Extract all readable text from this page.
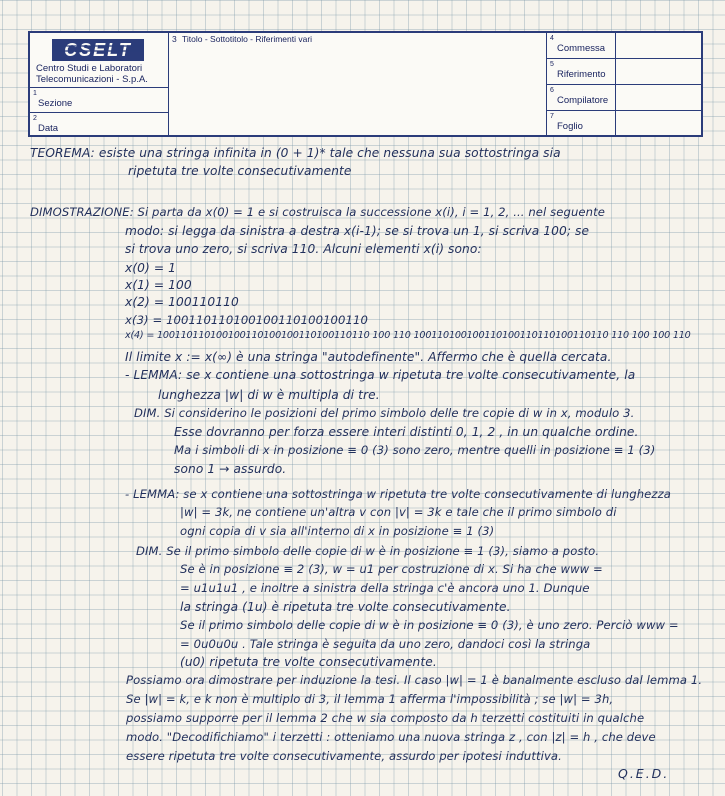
CSELT
Centro Studi e Laboratori
Telecomunicazioni - S.p.A.
1
Sezione
2
Data
3 Titolo - Sottotitolo - Riferimenti vari	4
Commessa
5
Riferimento
6
Compilatore
7
Foglio
TEOREMA: esiste una stringa infinita in (0 + 1)* tale che nessuna sua sottostringa sia
ripetuta tre volte consecutivamente
DIMOSTRAZIONE: Si parta da x(0) = 1 e si costruisca la successione x(i), i = 1, 2, ... nel seguente
modo: si legga da sinistra a destra x(i-1); se si trova un 1, si scriva 100; se
si trova uno zero, si scriva 110. Alcuni elementi x(i) sono:
x(0) = 1
x(1) = 100
x(2) = 100110110
x(3) = 100110110100100110100100110
x(4) = 100110110100100110100100110100110110 100 110 100110100100110100110110100110110 110 100 100 110
Il limite x := x(∞) è una stringa "autodefinente". Affermo che è quella cercata.
- LEMMA: se x contiene una sottostringa w ripetuta tre volte consecutivamente, la
lunghezza |w| di w è multipla di tre.
DIM. Si considerino le posizioni del primo simbolo delle tre copie di w in x, modulo 3.
Esse dovranno per forza essere interi distinti 0, 1, 2 , in un qualche ordine.
Ma i simboli di x in posizione ≡ 0 (3) sono zero, mentre quelli in posizione ≡ 1 (3)
sono 1 → assurdo.
- LEMMA: se x contiene una sottostringa w ripetuta tre volte consecutivamente di lunghezza
|w| = 3k, ne contiene un'altra v con |v| = 3k e tale che il primo simbolo di
ogni copia di v sia all'interno di x in posizione ≡ 1 (3)
DIM. Se il primo simbolo delle copie di w è in posizione ≡ 1 (3), siamo a posto.
Se è in posizione ≡ 2 (3), w = u1 per costruzione di x. Si ha che www =
= u1u1u1 , e inoltre a sinistra della stringa c'è ancora uno 1. Dunque
la stringa (1u) è ripetuta tre volte consecutivamente.
Se il primo simbolo delle copie di w è in posizione ≡ 0 (3), è uno zero. Perciò www =
= 0u0u0u . Tale stringa è seguita da uno zero, dandoci così la stringa
(u0) ripetuta tre volte consecutivamente.
Possiamo ora dimostrare per induzione la tesi. Il caso |w| = 1 è banalmente escluso dal lemma 1.
Se |w| = k, e k non è multiplo di 3, il lemma 1 afferma l'impossibilità ; se |w| = 3h,
possiamo supporre per il lemma 2 che w sia composto da h terzetti costituiti in qualche
modo. "Decodifichiamo" i terzetti : otteniamo una nuova stringa z , con |z| = h , che deve
essere ripetuta tre volte consecutivamente, assurdo per ipotesi induttiva.
Q.E.D.
